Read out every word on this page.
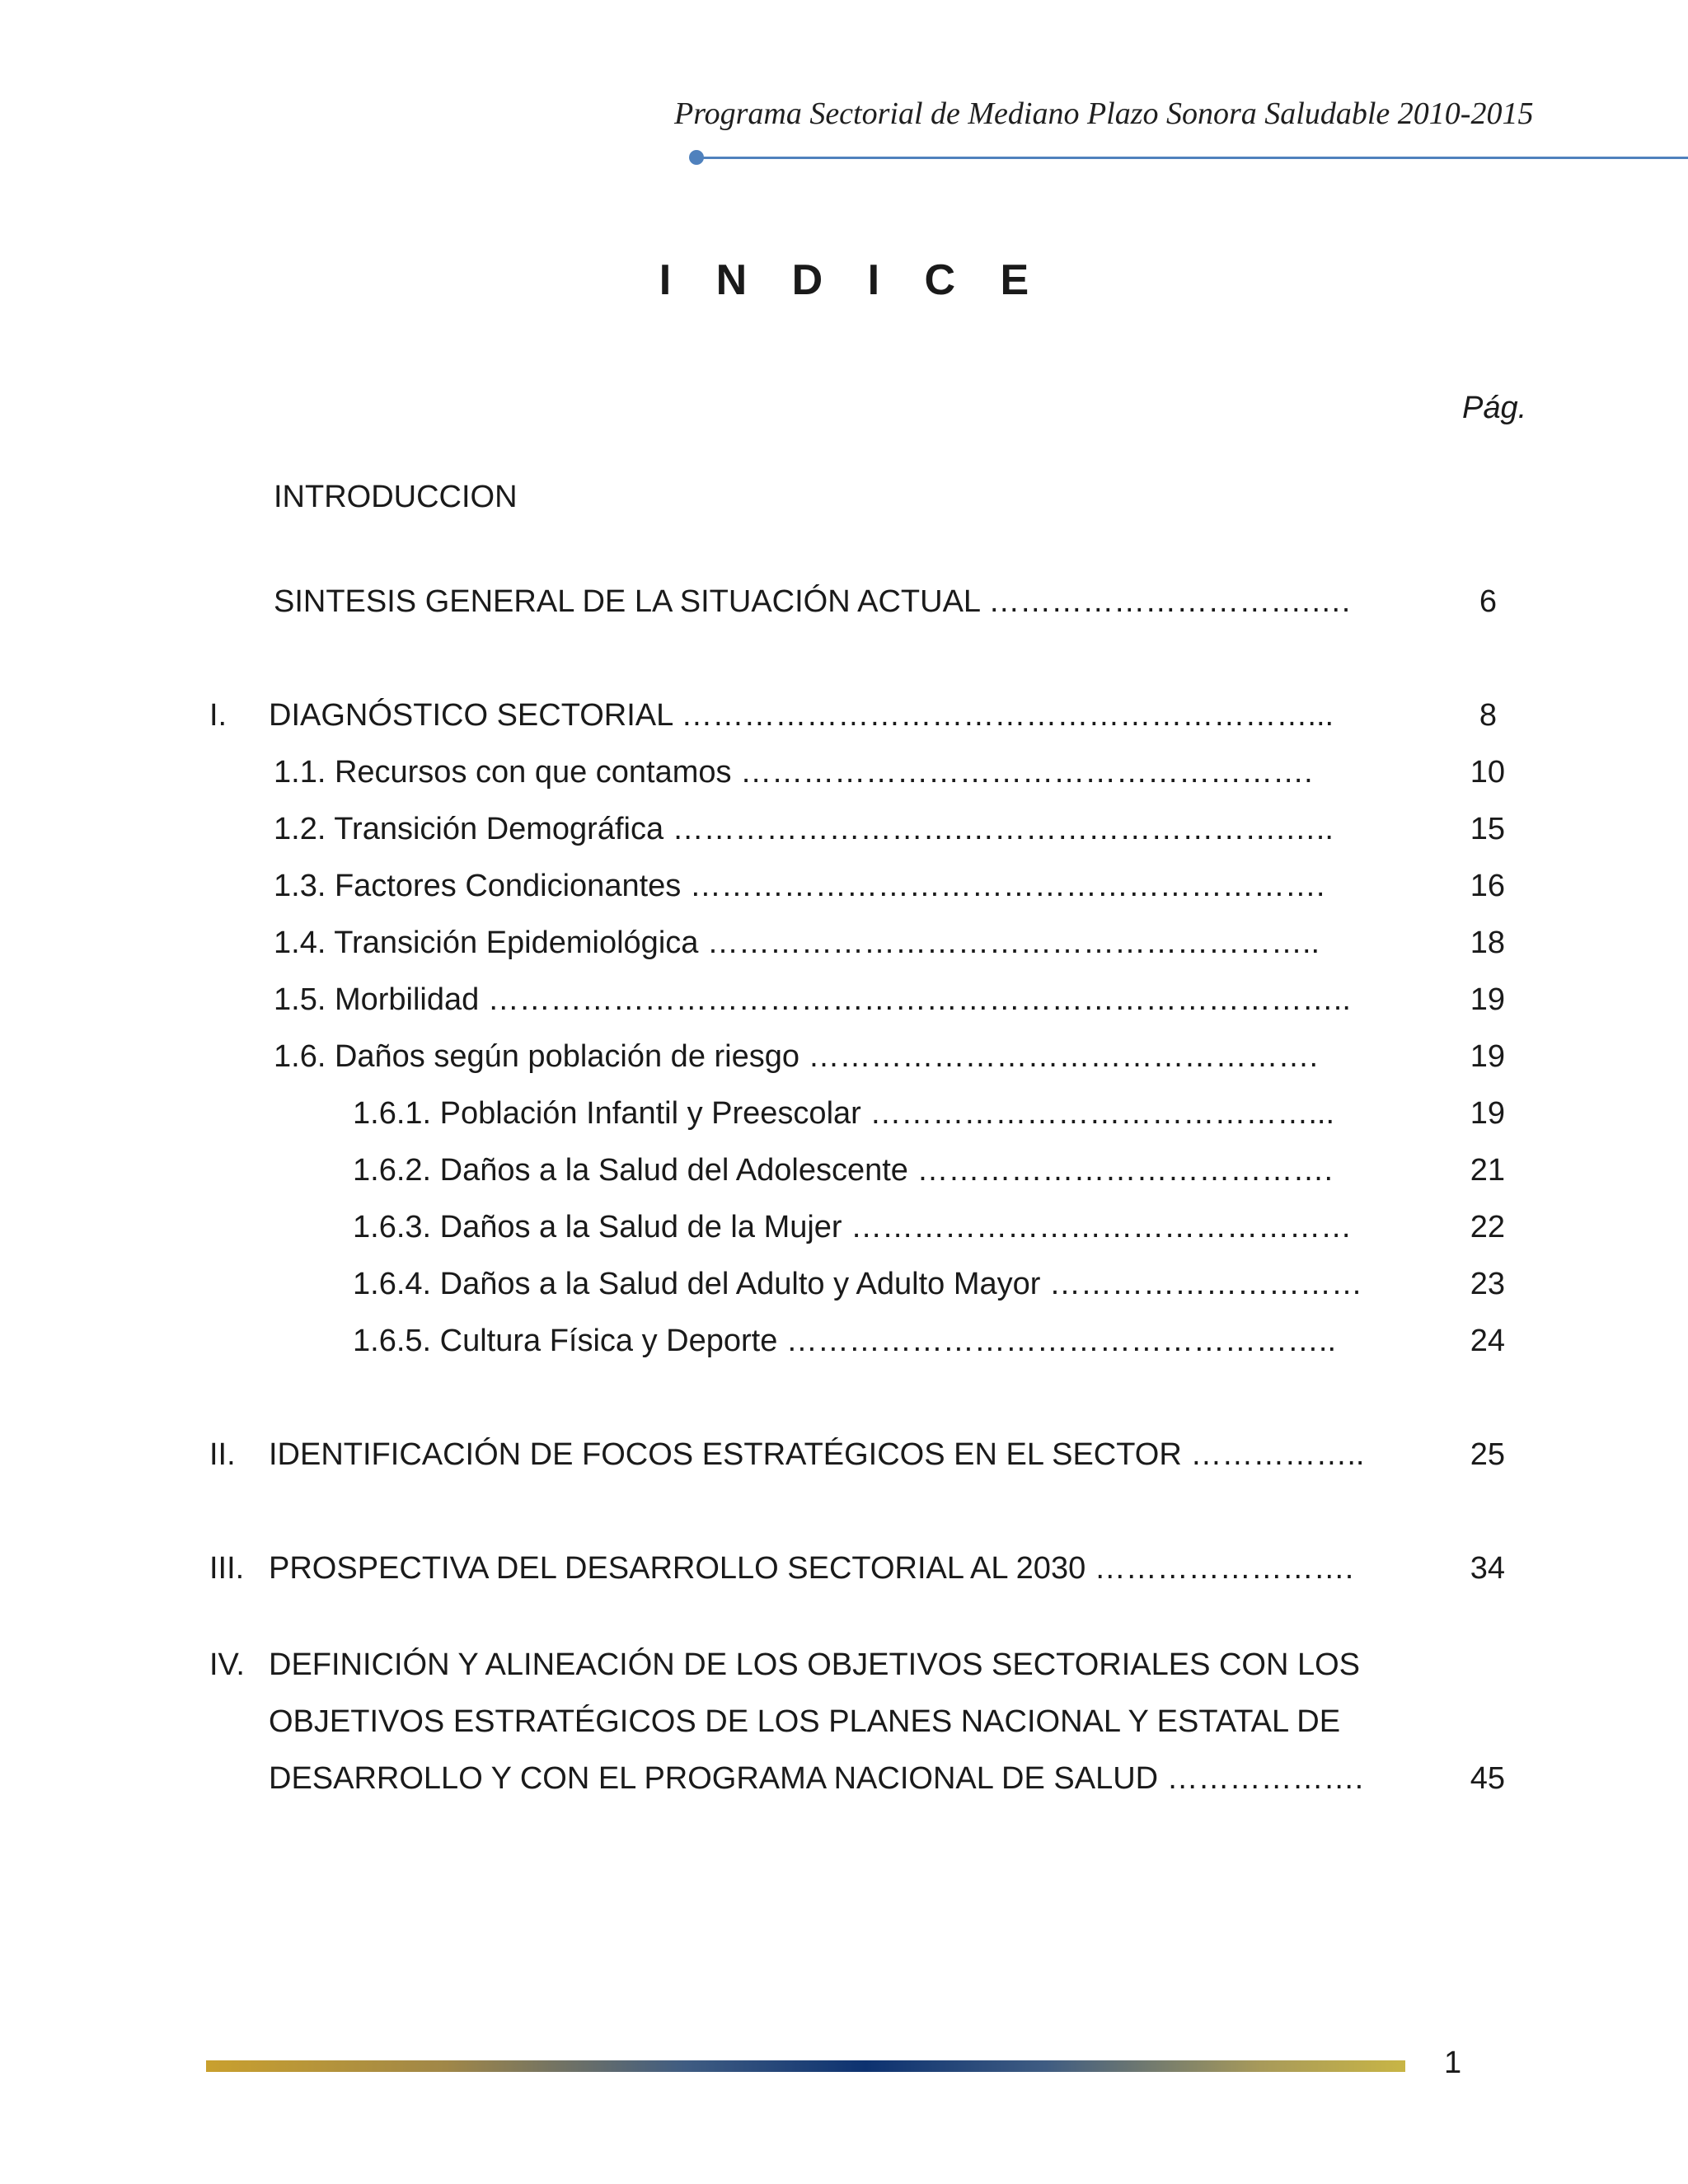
Programa Sectorial de Mediano Plazo Sonora Saludable 2010-2015
I N D I C E
Pág.
INTRODUCCION
SINTESIS GENERAL DE LA SITUACIÓN ACTUAL ………………………….….	6
I. DIAGNÓSTICO SECTORIAL ……………………………………………………...	8
1.1. Recursos con que contamos ……………………………………………….	10
1.2. Transición Demográfica ……………………….………………………….…..	15
1.3. Factores Condicionantes …………………………………………………….	16
1.4. Transición Epidemiológica …………………………………………………..	18
1.5. Morbilidad ………………………………………………………………………..	19
1.6. Daños según población de riesgo ………………………………………….	19
1.6.1. Población Infantil y Preescolar ……………………………………...	19
1.6.2. Daños a la Salud del Adolescente ………………………………….	21
1.6.3. Daños a la Salud de la Mujer …………………………………………	22
1.6.4. Daños a la Salud del Adulto y Adulto Mayor …………………………	23
1.6.5. Cultura Física y Deporte ……………………………………………..	24
II. IDENTIFICACIÓN DE FOCOS ESTRATÉGICOS EN EL SECTOR ……………..	25
III. PROSPECTIVA DEL DESARROLLO SECTORIAL AL 2030 …………………….	34
IV. DEFINICIÓN Y ALINEACIÓN DE LOS OBJETIVOS SECTORIALES CON LOS
OBJETIVOS ESTRATÉGICOS DE LOS PLANES NACIONAL Y ESTATAL DE
DESARROLLO Y CON EL PROGRAMA NACIONAL DE SALUD ……………….	45
1
